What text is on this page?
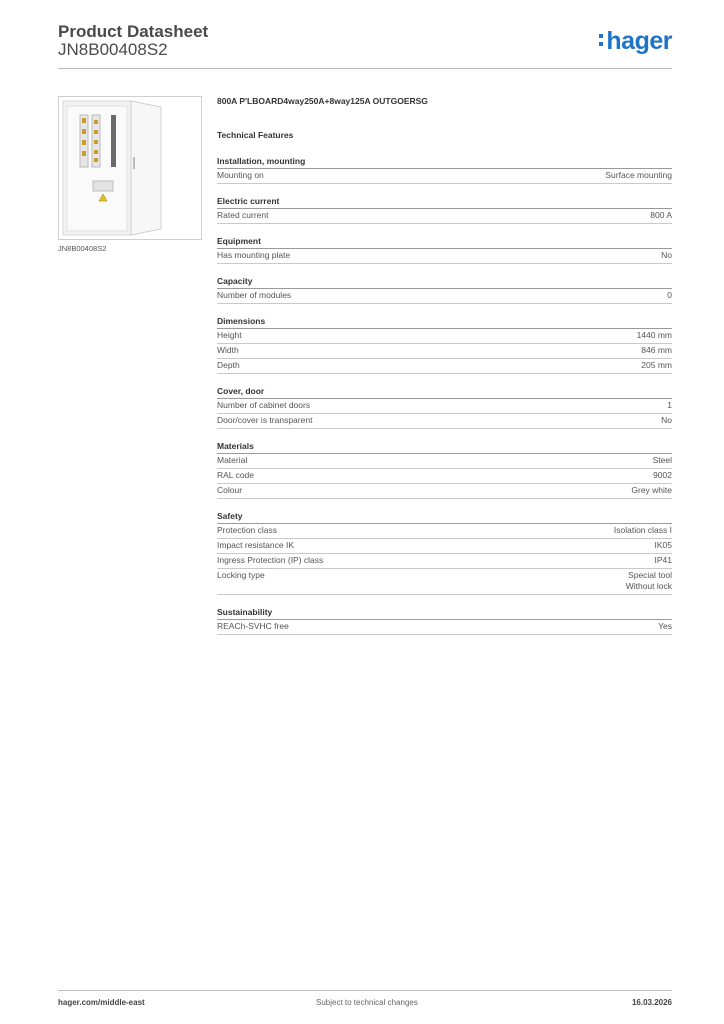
Product Datasheet
JN8B00408S2	hager
JN8B00408S2
800A P'LBOARD4way250A+8way125A OUTGOERSG
Technical Features
Installation, mounting
Mounting on	Surface mounting
Electric current
Rated current	800 A
Equipment
Has mounting plate	No
Capacity
Number of modules	0
Dimensions
Height	1440 mm
Width	846 mm
Depth	205 mm
Cover, door
Number of cabinet doors	1
Door/cover is transparent	No
Materials
Material	Steel
RAL code	9002
Colour	Grey white
Safety
Protection class	Isolation class I
Impact resistance IK	IK05
Ingress Protection (IP) class	IP41
Locking type	Special tool
Without lock
Sustainability
REACh-SVHC free	Yes
hager.com/middle-east	Subject to technical changes	16.03.2026
